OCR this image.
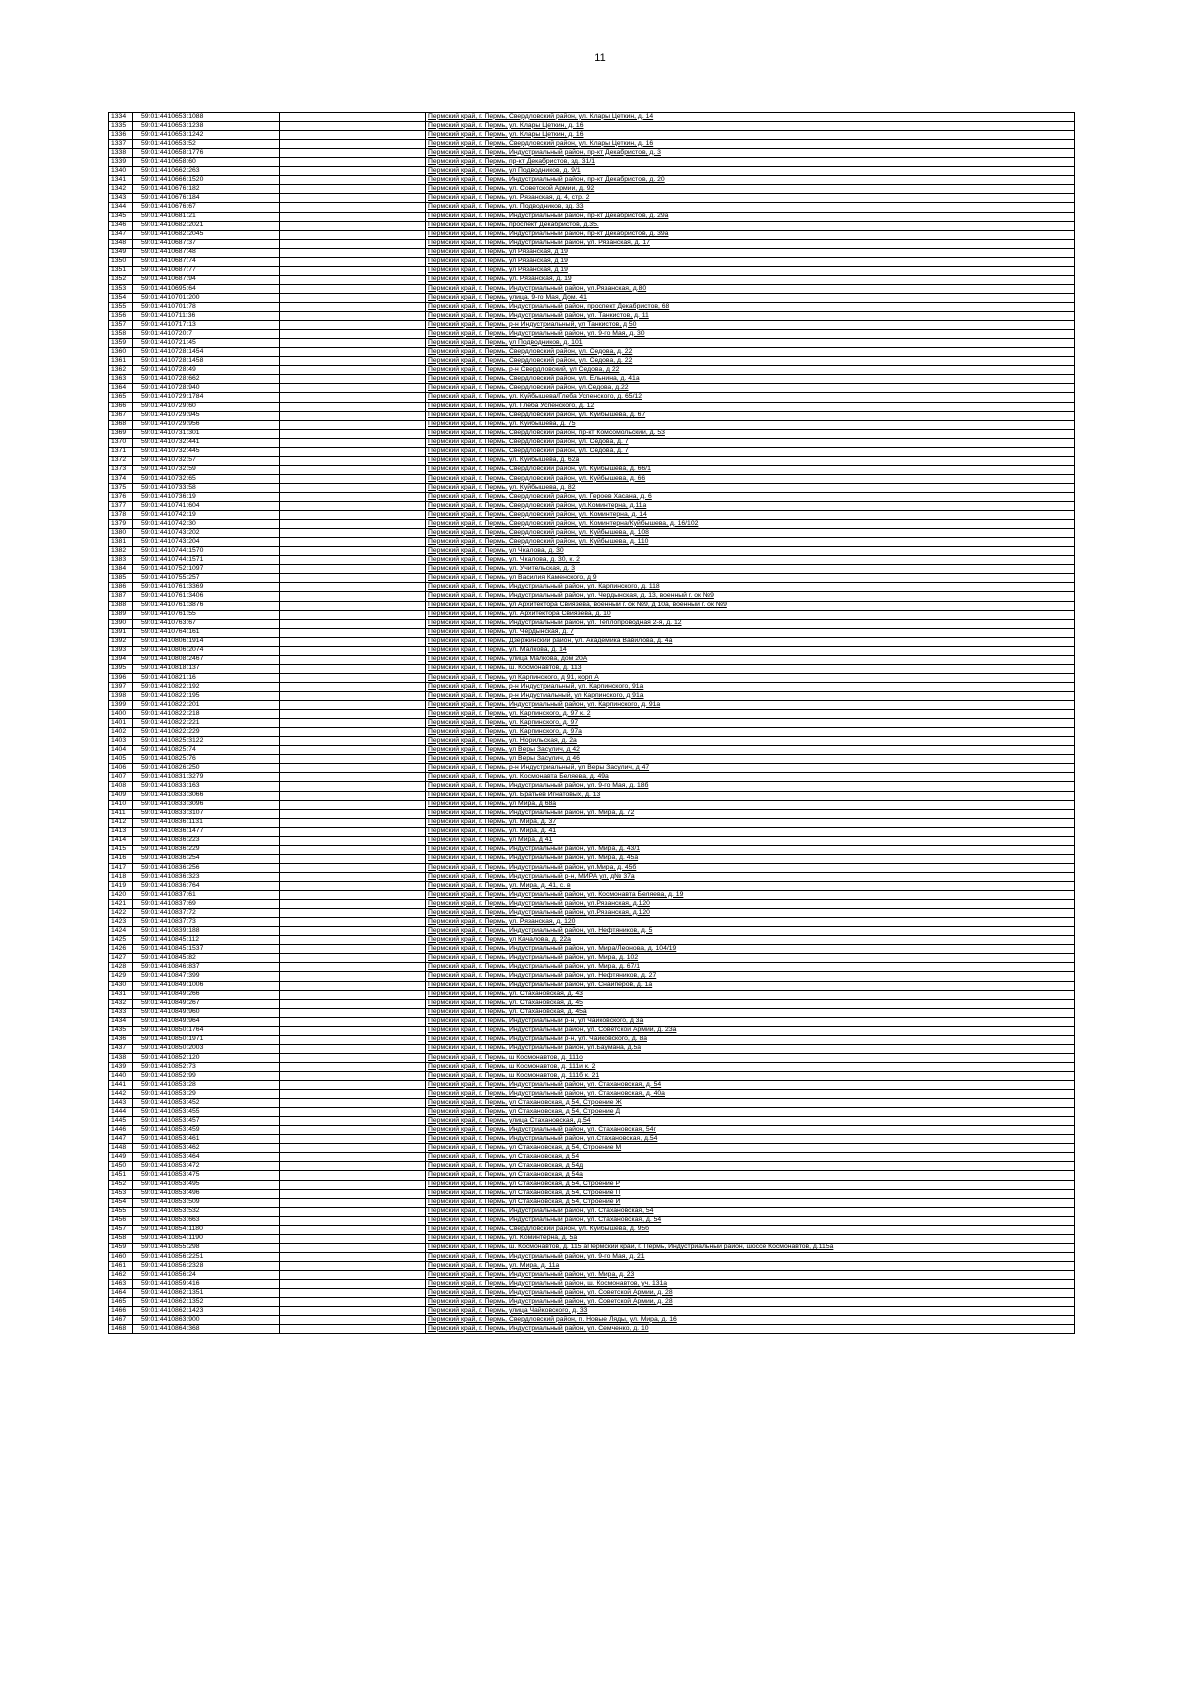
11
1334	59:01:4410653:1088		Пермский край, г. Пермь, Свердловский район, ул. Клары Цеткин, д. 14
1335	59:01:4410653:1238		Пермский край, г. Пермь, ул. Клары Цеткин, д. 16
1336	59:01:4410653:1242		Пермский край, г. Пермь, ул. Клары Цеткин, д. 16
1337	59:01:4410653:52		Пермский край, г. Пермь, Свердловский район, ул. Клары Цеткин, д. 16
1338	59:01:4410658:1776		Пермский край, г. Пермь, Индустриальный район, пр-кт Декабристов, д. 3
1339	59:01:4410658:60		Пермский край, г. Пермь, пр-кт Декабристов, зд. 31/1
1340	59:01:4410662:263		Пермский край, г. Пермь, ул Подводников, д. 9/1
1341	59:01:4410666:1520		Пермский край, г. Пермь, Индустриальный район, пр-кт Декабристов, д. 20
1342	59:01:4410676:182		Пермский край, г. Пермь, ул. Советской Армии, д. 92
1343	59:01:4410676:184		Пермский край, г. Пермь, ул. Рязанская, д. 4, стр. 2
1344	59:01:4410676:67		Пермский край, г. Пермь, ул. Подводников, зд. 33
1345	59:01:4410681:21		Пермский край, г. Пермь, Индустриальный район, пр-кт Декабристов, д. 29а
1346	59:01:4410682:2021		Пермский край, г. Пермь, проспект Декабристов, д.35.
1347	59:01:4410682:2045		Пермский край, г. Пермь, Индустриальный район, пр-кт Декабристов, д. 39а
1348	59:01:4410687:37		Пермский край, г. Пермь, Индустриальный район, ул. Рязанская, д. 17
1349	59:01:4410687:48		Пермский край, г. Пермь, ул Рязанская, д 19
1350	59:01:4410687:74		Пермский край, г. Пермь, ул Рязанская, д 19
1351	59:01:4410687:77		Пермский край, г. Пермь, ул Рязанская, д 19
1352	59:01:4410687:94		Пермский край, г. Пермь, ул. Рязанская, д. 19
1353	59:01:4410695:64		Пермский край, г. Пермь, Индустриальный район, ул.Рязанская, д.80
1354	59:01:4410701:200		Пермский край, г. Пермь, улица. 9-го Мая, Дом. 41
1355	59:01:4410701:78		Пермский край, г. Пермь, Индустриальный район, проспект Декабристов, 68
1356	59:01:4410711:36		Пермский край, г. Пермь, Индустриальный район, ул. Танкистов, д. 11
1357	59:01:4410717:13		Пермский край, г. Пермь, р-н Индустриальный, ул Танкистов, д 50
1358	59:01:4410720:7		Пермский край, г. Пермь, Индустриальный район, ул. 9-го Мая, д. 30
1359	59:01:4410721:45		Пермский край, г. Пермь, ул Подводников, д. 101
1360	59:01:4410728:1454		Пермский край, г. Пермь, Свердловский район, ул. Седова, д. 22
1361	59:01:4410728:1458		Пермский край, г. Пермь, Свердловский район, ул. Седова, д. 22
1362	59:01:4410728:49		Пермский край, г. Пермь, р-н Свердловский, ул Седова, д 22
1363	59:01:4410728:662		Пермский край, г. Пермь, Свердловский район, ул. Ельнина, д. 41а
1364	59:01:4410728:940		Пермский край, г. Пермь, Свердловский район, ул.Седова, д.22
1365	59:01:4410729:1784		Пермский край, г. Пермь, ул. Куйбышева/Глеба Успенского, д. 65/12
1366	59:01:4410729:60		Пермский край, г. Пермь, ул. Глеба Успенского, д. 12
1367	59:01:4410729:945		Пермский край, г. Пермь, Свердловский район, ул. Куйбышева, д. 67
1368	59:01:4410729:956		Пермский край, г. Пермь, ул. Куйбышева, д. 75
1369	59:01:4410731:301		Пермский край, г. Пермь, Свердловский район, пр-кт Комсомольский, д. 53
1370	59:01:4410732:441		Пермский край, г. Пермь, Свердловский район, ул. Седова, д. 7
1371	59:01:4410732:445		Пермский край, г. Пермь, Свердловский район, ул. Седова, д. 7
1372	59:01:4410732:57		Пермский край, г. Пермь, ул. Куйбышева, д. 62а
1373	59:01:4410732:59		Пермский край, г. Пермь, Свердловский район, ул. Куйбышева, д. 66/1
1374	59:01:4410732:65		Пермский край, г. Пермь, Свердловский район, ул. Куйбышева, д. 66
1375	59:01:4410733:58		Пермский край, г. Пермь, ул. Куйбышева, д. 82
1376	59:01:4410736:19		Пермский край, г. Пермь, Свердловский район, ул. Героев Хасана, д. 6
1377	59:01:4410741:604		Пермский край, г. Пермь, Свердловский район, ул.Коминтерна, д.11а
1378	59:01:4410742:19		Пермский край, г. Пермь, Свердловский район, ул. Коминтерна, д. 14
1379	59:01:4410742:30		Пермский край, г. Пермь, Свердловский район, ул. Коминтерна/Куйбышева, д. 16/102
1380	59:01:4410743:202		Пермский край, г. Пермь, Свердловский район, ул. Куйбышева, д. 108
1381	59:01:4410743:204		Пермский край, г. Пермь, Свердловский район, ул. Куйбышева, д. 110
1382	59:01:4410744:1570		Пермский край, г. Пермь, ул Чкалова, д. 30
1383	59:01:4410744:1571		Пермский край, г. Пермь, ул. Чкалова, д. 30, к. 2
1384	59:01:4410752:1097		Пермский край, г. Пермь, ул. Учительская, д. 3
1385	59:01:4410755:257		Пермский край, г. Пермь, ул Василия Каменского, д 9
1386	59:01:4410761:3369		Пермский край, г. Пермь, Индустриальный район, ул. Карпинского, д. 118
1387	59:01:4410761:3406		Пермский край, г. Пермь, Индустриальный район, ул. Чердынская, д. 13, военный г. ок №9
1388	59:01:4410761:3876		Пермский край, г. Пермь, ул Архитектора Свиязева, военный г. ок №9, д 10а, военный г. ок №9
1389	59:01:4410761:55		Пермский край, г. Пермь, ул. Архитектора Свиязева, д. 10
1390	59:01:4410763:67		Пермский край, г. Пермь, Индустриальный район, ул. Теплопроводная 2-я, д. 12
1391	59:01:4410764:161		Пермский край, г. Пермь, ул. Чердынская, д. 7
1392	59:01:4410806:1914		Пермский край, г. Пермь, Дзержинский район, ул. Академика Вавилова, д. 4а
1393	59:01:4410806:2074		Пермский край, г. Пермь, ул. Малкова, д. 14
1394	59:01:4410808:2467		Пермский край, г. Пермь, улица Малкова, дом 20А
1395	59:01:4410818:137		Пермский край, г. Пермь, ш. Космонавтов, д. 113
1396	59:01:4410821:16		Пермский край, г. Пермь, ул Карпинского, д 91, корп А
1397	59:01:4410822:192		Пермский край, г. Пермь, р-н Индустриальный, ул. Карпинского, 91а
1398	59:01:4410822:195		Пермский край, г. Пермь, р-н Индустиальный, ул Карпинского, д 91а
1399	59:01:4410822:201		Пермский край, г. Пермь, Индустриальный район, ул. Карпинского, д. 91а
1400	59:01:4410822:218		Пермский край, г. Пермь, ул. Карпинского, д. 97 к. 2
1401	59:01:4410822:221		Пермский край, г. Пермь, ул. Карпинского, д. 97
1402	59:01:4410822:229		Пермский край, г. Пермь, ул. Карпинского, д. 97а
1403	59:01:4410825:3122		Пермский край, г. Пермь, ул. Норильская, д. 2а
1404	59:01:4410825:74		Пермский край, г. Пермь, ул Веры Засулич, д 42
1405	59:01:4410825:76		Пермский край, г. Пермь, ул Веры Засулич, д 46
1406	59:01:4410826:250		Пермский край, г. Пермь, р-н Индустриальный, ул Веры Засулич, д 47
1407	59:01:4410831:3279		Пермский край, г. Пермь, ул. Космонавта Беляева, д. 49а
1408	59:01:4410833:163		Пермский край, г. Пермь, Индустриальный район, ул. 9-го Мая, д. 18б
1409	59:01:4410833:3066		Пермский край, г. Пермь, ул. Братьев Игнатовых, д. 13
1410	59:01:4410833:3096		Пермский край, г. Пермь, ул Мира, д 68а
1411	59:01:4410833:3107		Пермский край, г. Пермь, Индустриальный район, ул. Мира, д. 72
1412	59:01:4410836:1131		Пермский край, г. Пермь, ул. Мира, д. 37
1413	59:01:4410836:1477		Пермский край, г. Пермь, ул. Мира, д. 41
1414	59:01:4410836:223		Пермский край, г. Пермь, ул Мира, д 41
1415	59:01:4410836:229		Пермский край, г. Пермь, Индустриальный район, ул. Мира, д. 43/1
1416	59:01:4410836:254		Пермский край, г. Пермь, Индустриальный район, ул. Мира, д. 45а
1417	59:01:4410836:256		Пермский край, г. Пермь, Индустриальный район, ул.Мира, д. 45б
1418	59:01:4410836:323		Пермский край, г. Пермь, Индустриальный р-н, МИРА ул, д№ 37а
1419	59:01:4410836:764		Пермский край, г. Пермь, ул. Мира, д. 41, с. в
1420	59:01:4410837:61		Пермский край, г. Пермь, Индустриальный район, ул. Космонавта Беляева, д. 19
1421	59:01:4410837:69		Пермский край, г. Пермь, Индустриальный район, ул.Рязанская, д.120
1422	59:01:4410837:72		Пермский край, г. Пермь, Индустриальный район, ул.Рязанская, д.120
1423	59:01:4410837:73		Пермский край, г. Пермь, ул. Рязанская, д. 120
1424	59:01:4410839:188		Пермский край, г. Пермь, Индустриальный район, ул. Нефтяников, д. 5
1425	59:01:4410845:112		Пермский край, г. Пермь, ул Качалова, д. 22а
1426	59:01:4410845:1537		Пермский край, г. Пермь, Индустриальный район, ул. Мира/Леонова, д. 104/19
1427	59:01:4410845:82		Пермский край, г. Пермь, Индустриальный район, ул. Мира, д. 102
1428	59:01:4410846:837		Пермский край, г. Пермь, Индустриальный район, ул. Мира, д. 67/1
1429	59:01:4410847:399		Пермский край, г. Пермь, Индустриальный район, ул. Нефтяников, д. 27
1430	59:01:4410849:1006		Пермский край, г. Пермь, Индустриальный район, ул. Снайперов, д. 1а
1431	59:01:4410849:266		Пермский край, г. Пермь, ул. Стахановская, д. 43
1432	59:01:4410849:267		Пермский край, г. Пермь, ул. Стахановская, д. 45
1433	59:01:4410849:960		Пермский край, г. Пермь, ул. Стахановская, д. 45а
1434	59:01:4410849:964		Пермский край, г. Пермь, Индустриальный р-н, ул Чайковского, д 3а
1435	59:01:4410850:1764		Пермский край, г. Пермь, Индустриальный район, ул. Советской Армии, д. 23а
1436	59:01:4410850:1971		Пермский край, г. Пермь, Индустриальный р-н, ул. Чайковского, д. 8а
1437	59:01:4410850:2003		Пермский край, г. Пермь, Индустриальный район, ул.Баумана, д.5а
1438	59:01:4410852:120		Пермский край, г. Пермь, ш Космонавтов, д. 111о
1439	59:01:4410852:73		Пермский край, г. Пермь, ш Космонавтов, д. 111и к. 2
1440	59:01:4410852:99		Пермский край, г. Пермь, ш Космонавтов, д. 111б к. 21
1441	59:01:4410853:28		Пермский край, г. Пермь, Индустриальный район, ул. Стахановская, д. 54
1442	59:01:4410853:29		Пермский край, г. Пермь, Индустриальный район, ул. Стахановская, д. 40а
1443	59:01:4410853:452		Пермский край, г. Пермь, ул Стахановская, д 54, Строение Ж
1444	59:01:4410853:455		Пермский край, г. Пермь, ул Стахановская, д 54, Строение Д
1445	59:01:4410853:457		Пермский край, г. Пермь, улица Стахановская, д.54
1446	59:01:4410853:459		Пермский край, г. Пермь, Индустриальный район, ул. Стахановская, 54г
1447	59:01:4410853:461		Пермский край, г. Пермь, Индустриальный район, ул.Стахановская, д.54
1448	59:01:4410853:462		Пермский край, г. Пермь, ул Стахановская, д 54, Строение М
1449	59:01:4410853:464		Пермский край, г. Пермь, ул Стахановская, д 54
1450	59:01:4410853:472		Пермский край, г. Пермь, ул Стахановская, д 54д
1451	59:01:4410853:475		Пермский край, г. Пермь, ул Стахановская, д 54а
1452	59:01:4410853:495		Пермский край, г. Пермь, ул Стахановская, д 54, Строение Р
1453	59:01:4410853:496		Пермский край, г. Пермь, ул Стахановская, д 54, Строение П
1454	59:01:4410853:509		Пермский край, г. Пермь, ул Стахановская, д 54, Строение И
1455	59:01:4410853:532		Пермский край, г. Пермь, Индустриальный район, ул. Стахановская, 54
1456	59:01:4410853:663		Пермский край, г. Пермь, Индустриальный район, ул. Стахановская, д. 54
1457	59:01:4410854:1180		Пермский край, г. Пермь, Свердловский район, ул. Куйбышева, д. 95б
1458	59:01:4410854:1190		Пермский край, г. Пермь, ул. Коминтерна, д. 5а
1459	59:01:4410855:298		Пермский край, г. Пермь, ш. Космонавтов, д. 115 аПермский край, г. Пермь, Индустриальный район, шоссе Космонавтов, д.115а
1460	59:01:4410856:2251		Пермский край, г. Пермь, Индустриальный район, ул. 9-го Мая, д. 21
1461	59:01:4410856:2328		Пермский край, г. Пермь, ул. Мира, д. 11а
1462	59:01:4410856:24		Пермский край, г. Пермь, Индустриальный район, ул. Мира, д. 23
1463	59:01:4410859:416		Пермский край, г. Пермь, Индустриальный район, ш. Космонавтов, уч. 131а
1464	59:01:4410862:1351		Пермский край, г. Пермь, Индустриальный район, ул. Советской Армии, д. 28
1465	59:01:4410862:1352		Пермский край, г. Пермь, Индустриальный район, ул. Советской Армии, д. 28
1466	59:01:4410862:1423		Пермский край, г. Пермь, улица Чайковского, д. 33
1467	59:01:4410863:900		Пермский край, г. Пермь, Свердловский район, п. Новые Ляды, ул. Мира, д. 16
1468	59:01:4410864:368		Пермский край, г. Пермь, Индустриальный район, ул. Семченко, д. 10
